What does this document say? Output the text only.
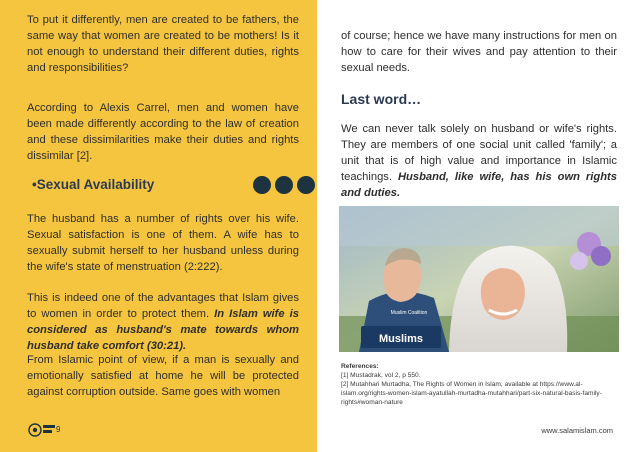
To put it differently, men are created to be fathers, the same way that women are created to be mothers! Is it not enough to understand their different duties, rights and responsibilities?

According to Alexis Carrel, men and women have been made differently according to the law of creation and these dissimilarities make their duties and rights dissimilar [2].

•Sexual Availability

The husband has a number of rights over his wife. Sexual satisfaction is one of them. A wife has to sexually submit herself to her husband unless during the wife's state of menstruation (2:222).

This is indeed one of the advantages that Islam gives to women in order to protect them. In Islam wife is considered as husband's mate towards whom husband take comfort (30:21).

From Islamic point of view, if a man is sexually and emotionally satisfied at home he will be protected against corruption outside. Same goes with women

9

of course; hence we have many instructions for men on how to care for their wives and pay attention to their sexual needs.

Last word…

We can never talk solely on husband or wife's rights. They are members of one social unit called 'family'; a unit that is of high value and importance in Islamic teachings. Husband, like wife, has his own rights and duties.

Muslims
Muslim Coalition
References:
[1] Mustadrak, vol 2, p 550.
[2] Mutahhari Murtadha, The Rights of Women in Islam, available at https://www.al-islam.org/rights-women-islam-ayatullah-murtadha-mutahhari/part-six-natural-basis-family-rights#woman-nature
www.salamislam.com
